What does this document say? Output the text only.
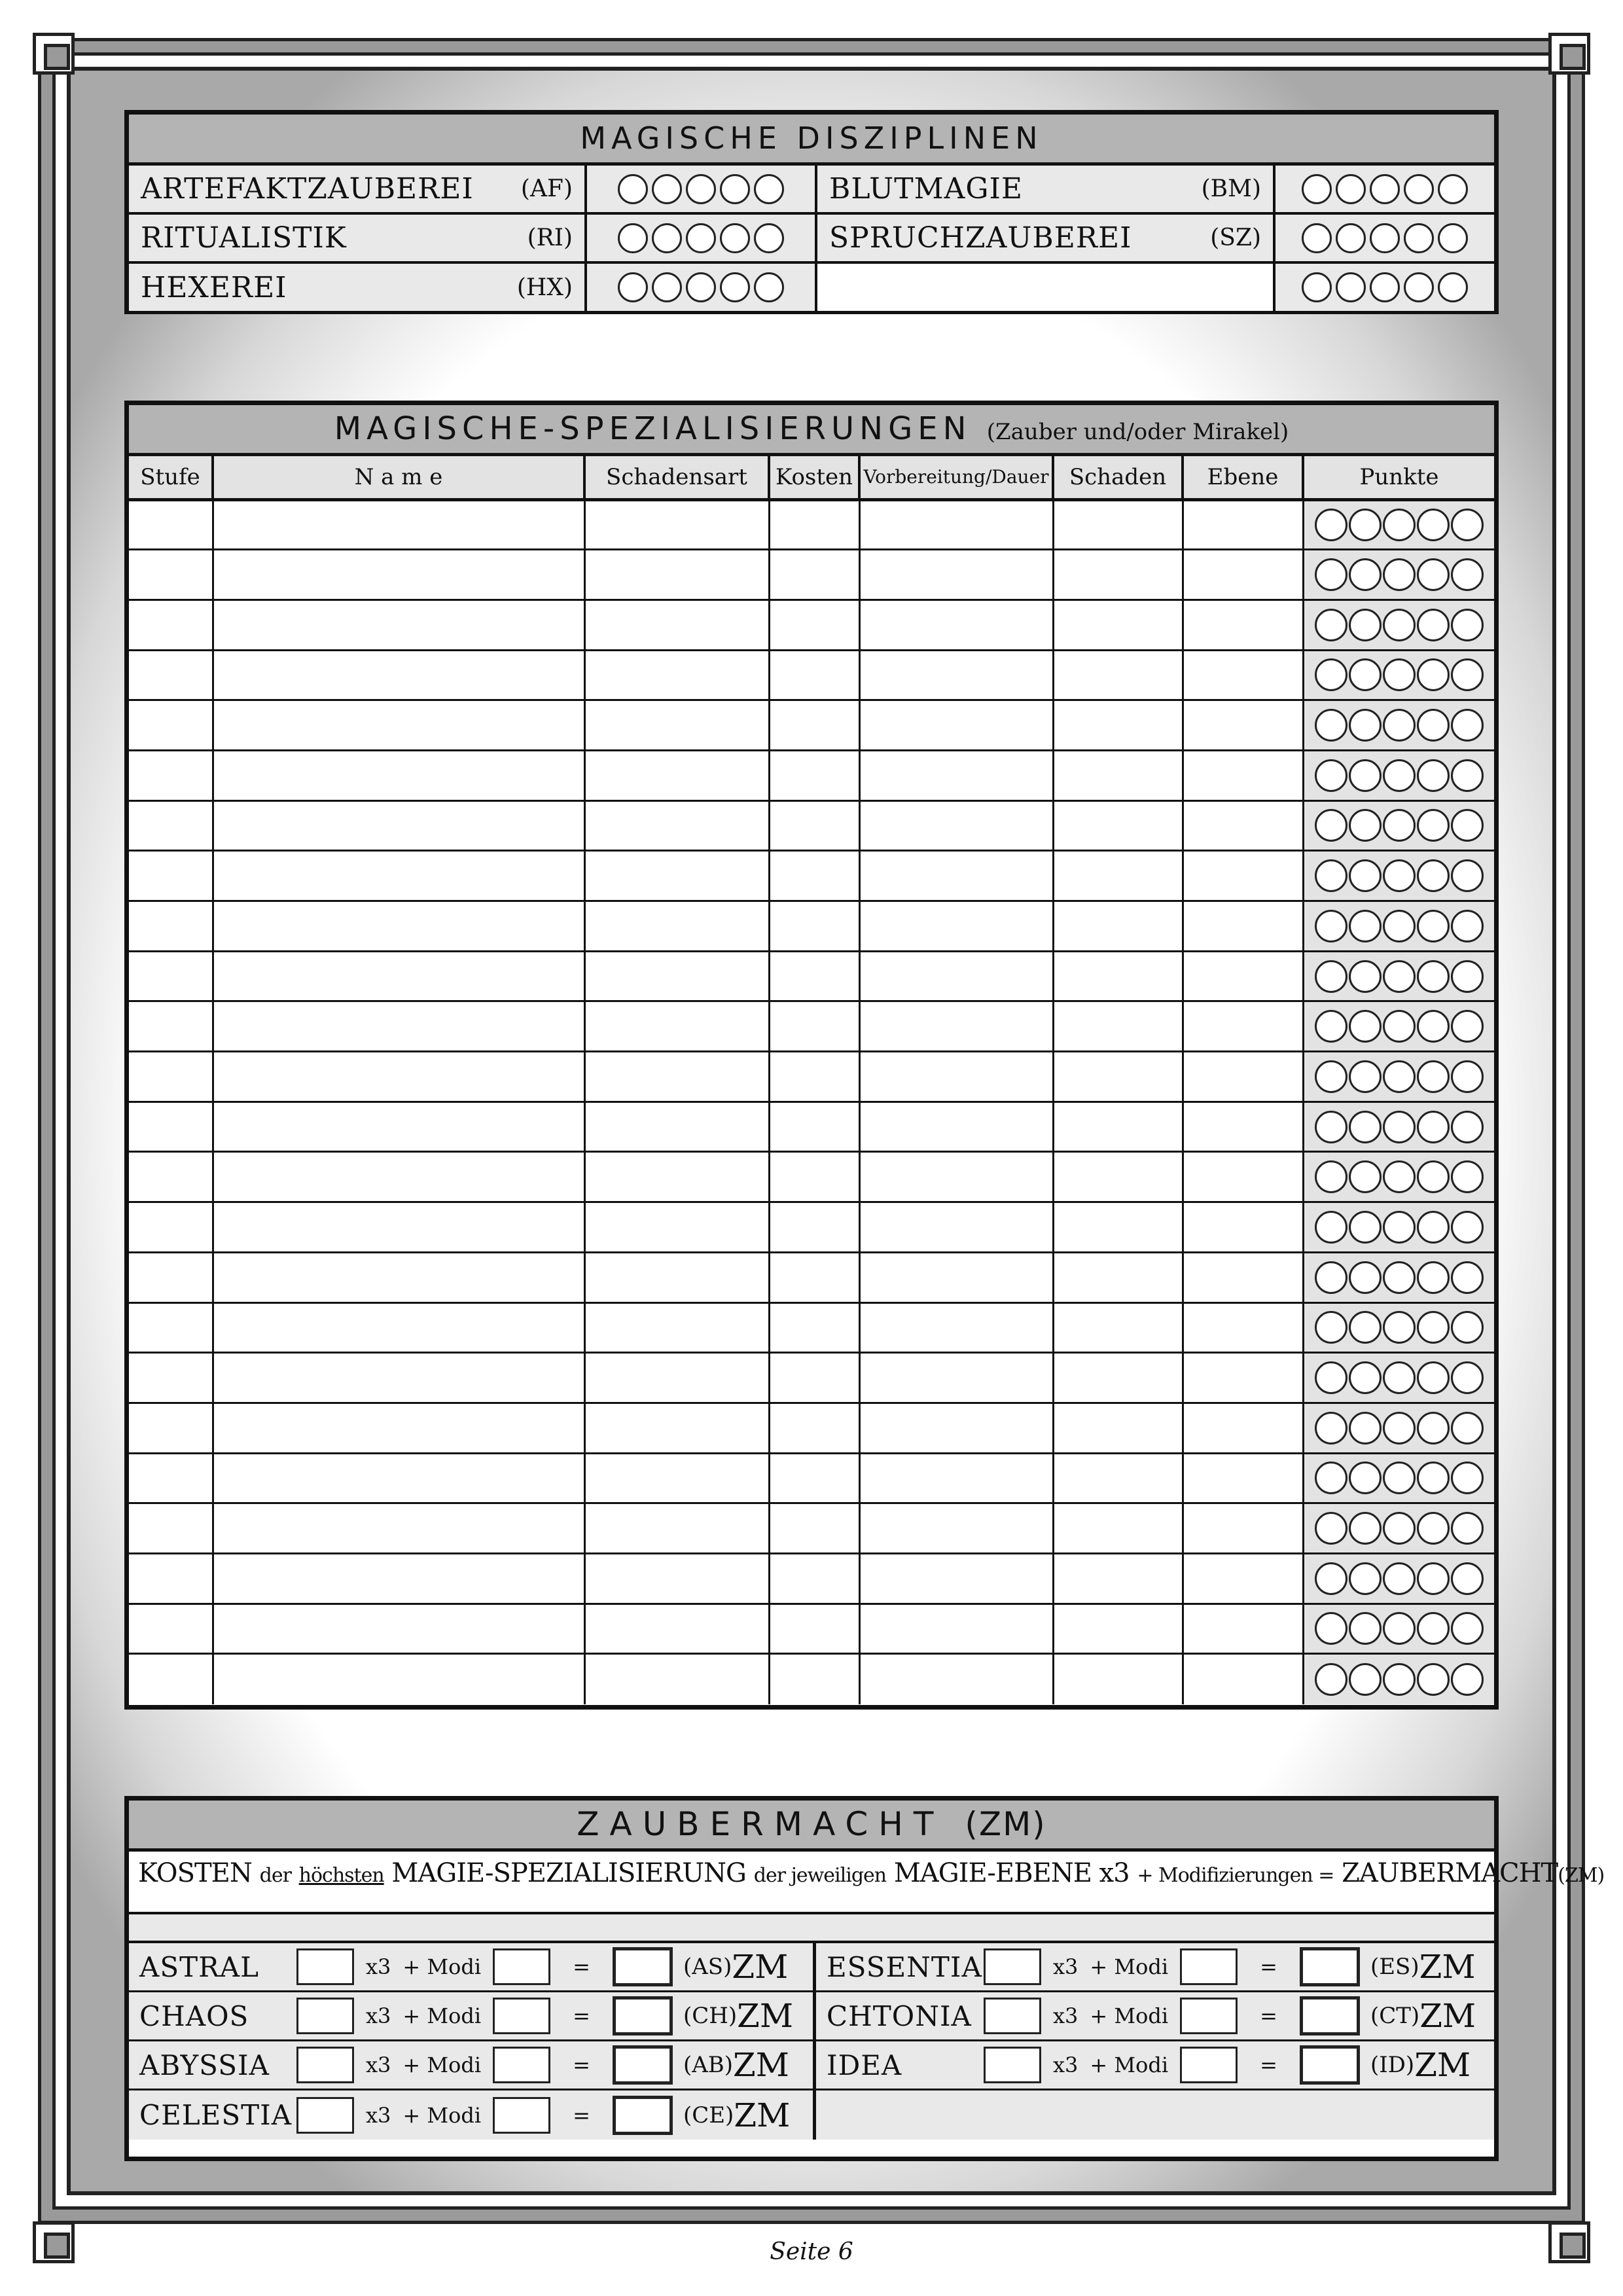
MAGISCHE DISZIPLINEN
ARTEFAKTZAUBEREI (AF)	BLUTMAGIE	(BM)
RITUALISTIK	(RI)	SPRUCHZAUBEREI	(SZ)
HEXEREI	(HX)
MAGISCHE-SPEZIALISIERUNGEN (Zauber und/oder Mirakel)
Stufe	N a m e	Schadensart	Kosten	Vorbereitung/Dauer	Schaden	Ebene	Punkte

ZAUBERMACHT (ZM)
KOSTEN der höchsten MAGIE-SPEZIALISIERUNG der jeweiligen MAGIE-EBENE x3 + Modifizierungen = ZAUBERMACHT(ZM)
ASTRAL	x3 + Modi	=	(AS) ZM
CHAOS	x3 + Modi	=	(CH) ZM
ABYSSIA	x3 + Modi	=	(AB) ZM
CELESTIA	x3 + Modi	=	(CE) ZM
ESSENTIA	x3 + Modi	=	(ES) ZM
CHTONIA	x3 + Modi	=	(CT) ZM
IDEA	x3 + Modi	=	(ID) ZM
Seite 6
